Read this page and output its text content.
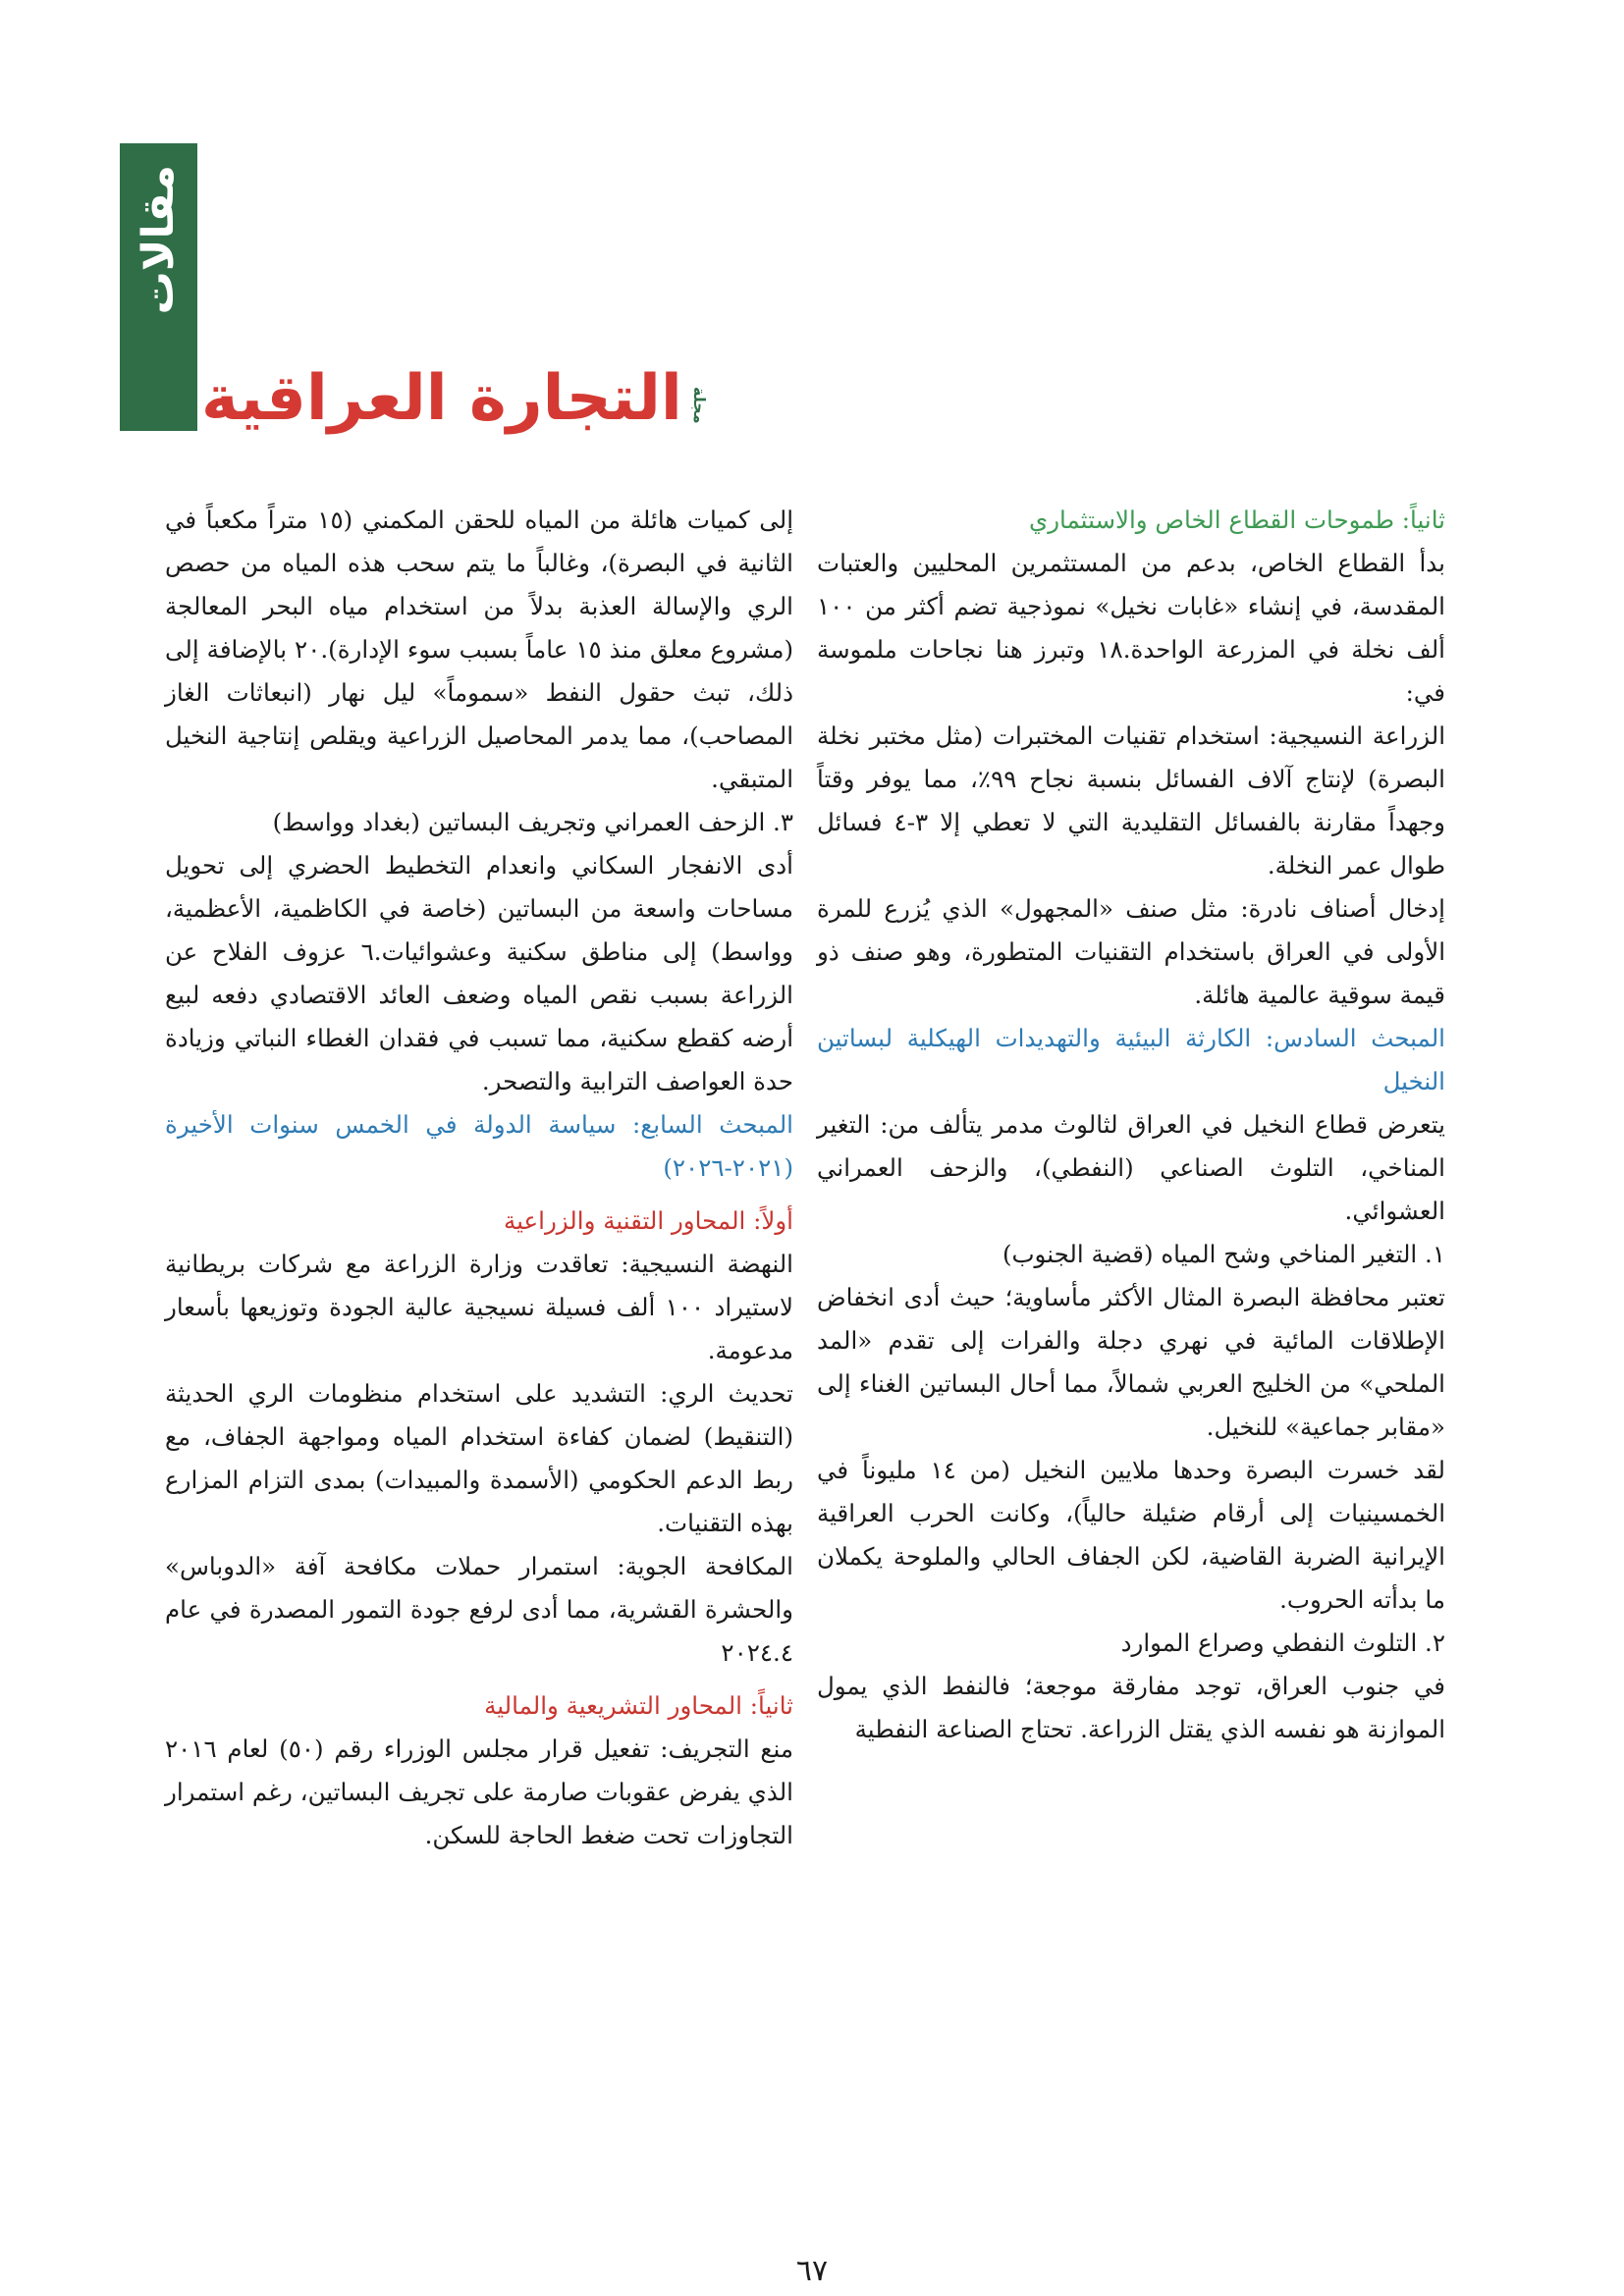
مقالات
التجارة العراقية مجلة

ثانياً: طموحات القطاع الخاص والاستثماري

بدأ القطاع الخاص، بدعم من المستثمرين المحليين والعتبات المقدسة، في إنشاء «غابات نخيل» نموذجية تضم أكثر من ١٠٠ ألف نخلة في المزرعة الواحدة.١٨ وتبرز هنا نجاحات ملموسة في:

الزراعة النسيجية: استخدام تقنيات المختبرات (مثل مختبر نخلة البصرة) لإنتاج آلاف الفسائل بنسبة نجاح ٩٩٪، مما يوفر وقتاً وجهداً مقارنة بالفسائل التقليدية التي لا تعطي إلا ٣-٤ فسائل طوال عمر النخلة.

إدخال أصناف نادرة: مثل صنف «المجهول» الذي يُزرع للمرة الأولى في العراق باستخدام التقنيات المتطورة، وهو صنف ذو قيمة سوقية عالمية هائلة.

المبحث السادس: الكارثة البيئية والتهديدات الهيكلية لبساتين النخيل

يتعرض قطاع النخيل في العراق لثالوث مدمر يتألف من: التغير المناخي، التلوث الصناعي (النفطي)، والزحف العمراني العشوائي.

١. التغير المناخي وشح المياه (قضية الجنوب)

تعتبر محافظة البصرة المثال الأكثر مأساوية؛ حيث أدى انخفاض الإطلاقات المائية في نهري دجلة والفرات إلى تقدم «المد الملحي» من الخليج العربي شمالاً، مما أحال البساتين الغناء إلى «مقابر جماعية» للنخيل.

لقد خسرت البصرة وحدها ملايين النخيل (من ١٤ مليوناً في الخمسينيات إلى أرقام ضئيلة حالياً)، وكانت الحرب العراقية الإيرانية الضربة القاضية، لكن الجفاف الحالي والملوحة يكملان ما بدأته الحروب.

٢. التلوث النفطي وصراع الموارد

في جنوب العراق، توجد مفارقة موجعة؛ فالنفط الذي يمول الموازنة هو نفسه الذي يقتل الزراعة. تحتاج الصناعة النفطية

إلى كميات هائلة من المياه للحقن المكمني (١٥ متراً مكعباً في الثانية في البصرة)، وغالباً ما يتم سحب هذه المياه من حصص الري والإسالة العذبة بدلاً من استخدام مياه البحر المعالجة (مشروع معلق منذ ١٥ عاماً بسبب سوء الإدارة).٢٠ بالإضافة إلى ذلك، تبث حقول النفط «سموماً» ليل نهار (انبعاثات الغاز المصاحب)، مما يدمر المحاصيل الزراعية ويقلص إنتاجية النخيل المتبقي.

٣. الزحف العمراني وتجريف البساتين (بغداد وواسط)

أدى الانفجار السكاني وانعدام التخطيط الحضري إلى تحويل مساحات واسعة من البساتين (خاصة في الكاظمية، الأعظمية، وواسط) إلى مناطق سكنية وعشوائيات.٦ عزوف الفلاح عن الزراعة بسبب نقص المياه وضعف العائد الاقتصادي دفعه لبيع أرضه كقطع سكنية، مما تسبب في فقدان الغطاء النباتي وزيادة حدة العواصف الترابية والتصحر.

المبحث السابع: سياسة الدولة في الخمس سنوات الأخيرة (٢٠٢١-٢٠٢٦)

أولاً: المحاور التقنية والزراعية

النهضة النسيجية: تعاقدت وزارة الزراعة مع شركات بريطانية لاستيراد ١٠٠ ألف فسيلة نسيجية عالية الجودة وتوزيعها بأسعار مدعومة.

تحديث الري: التشديد على استخدام منظومات الري الحديثة (التنقيط) لضمان كفاءة استخدام المياه ومواجهة الجفاف، مع ربط الدعم الحكومي (الأسمدة والمبيدات) بمدى التزام المزارع بهذه التقنيات.

المكافحة الجوية: استمرار حملات مكافحة آفة «الدوباس» والحشرة القشرية، مما أدى لرفع جودة التمور المصدرة في عام ٢٠٢٤.٤

ثانياً: المحاور التشريعية والمالية

منع التجريف: تفعيل قرار مجلس الوزراء رقم (٥٠) لعام ٢٠١٦ الذي يفرض عقوبات صارمة على تجريف البساتين، رغم استمرار التجاوزات تحت ضغط الحاجة للسكن.

٦٧
